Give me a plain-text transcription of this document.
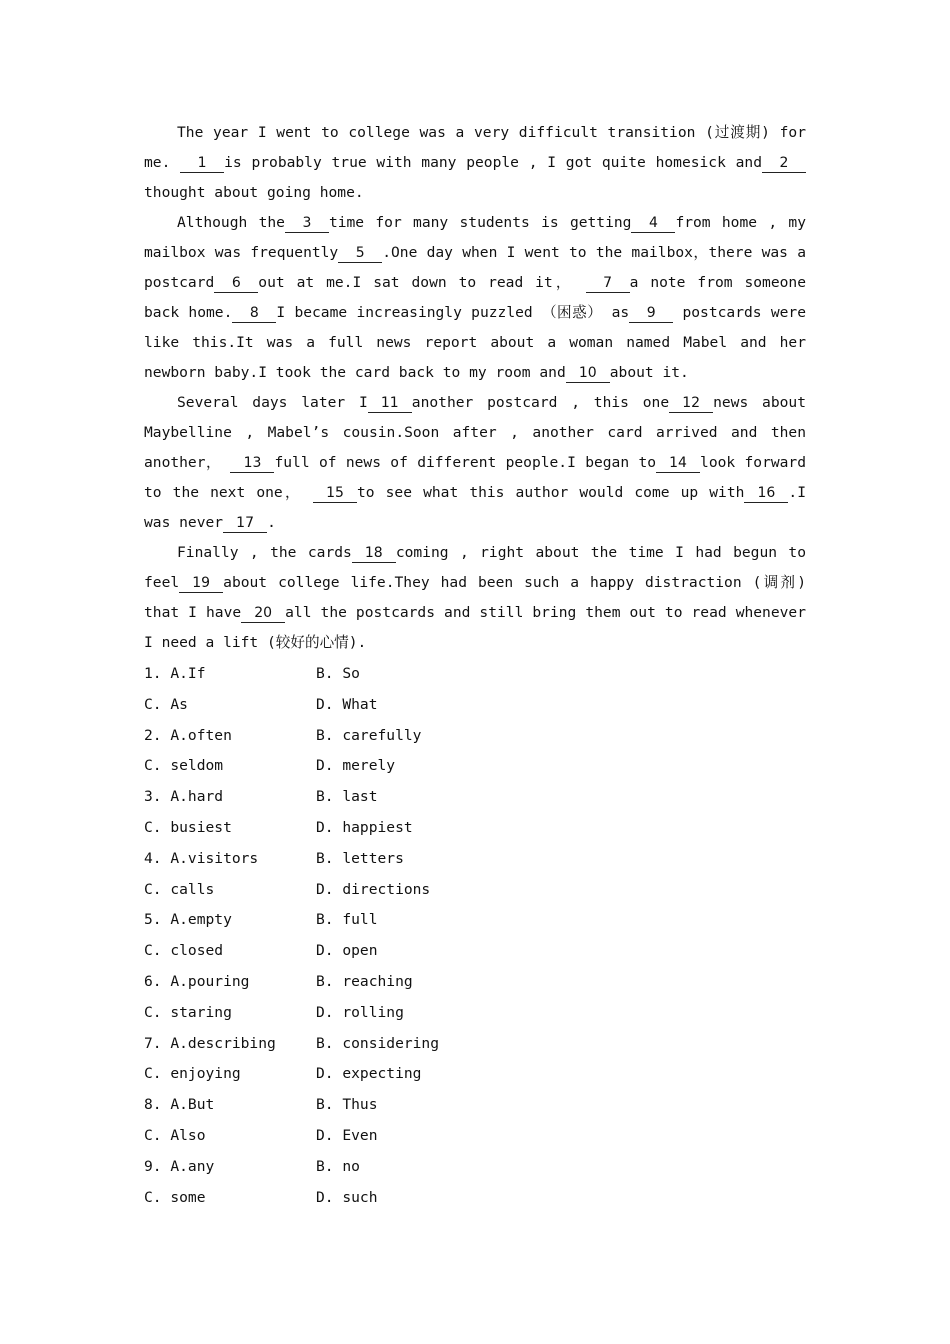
The year I went to college was a very difficult transition (过渡期) for me. 1 is probably true with many people , I got quite homesick and 2thought about going home.

Although the 3 time for many students is getting 4 from home , my mailbox was frequently 5 .One day when I went to the mailbox，there was a postcard 6 out at me.I sat down to read it， 7 a note from someone back home. 8 I became increasingly puzzled （困惑） as 9 postcards were like this.It was a full news report about a woman named Mabel and her newborn baby.I took the card back to my room and 10 about it.

Several days later I 11 another postcard , this one 12 news about Maybelline , Mabel’s cousin.Soon after , another card arrived and then another， 13 full of news of different people.I began to 14 look forward to the next one， 15 to see what this author would come up with 16 .I was never 17 .

Finally , the cards 18 coming , right about the time I had begun to feel 19 about college life.They had been such a happy distraction (调剂) that I have 20 all the postcards and still bring them out to read whenever I need a lift (较好的心情).

1. A.If	B. So
C. As	D. What
2. A.often	B. carefully
C. seldom	D. merely
3. A.hard	B. last
C. busiest	D. happiest
4. A.visitors	B. letters
C. calls	D. directions
5. A.empty	B. full
C. closed	D. open
6. A.pouring	B. reaching
C. staring	D. rolling
7. A.describing	B. considering
C. enjoying	D. expecting
8. A.But	B. Thus
C. Also	D. Even
9. A.any	B. no
C. some	D. such
